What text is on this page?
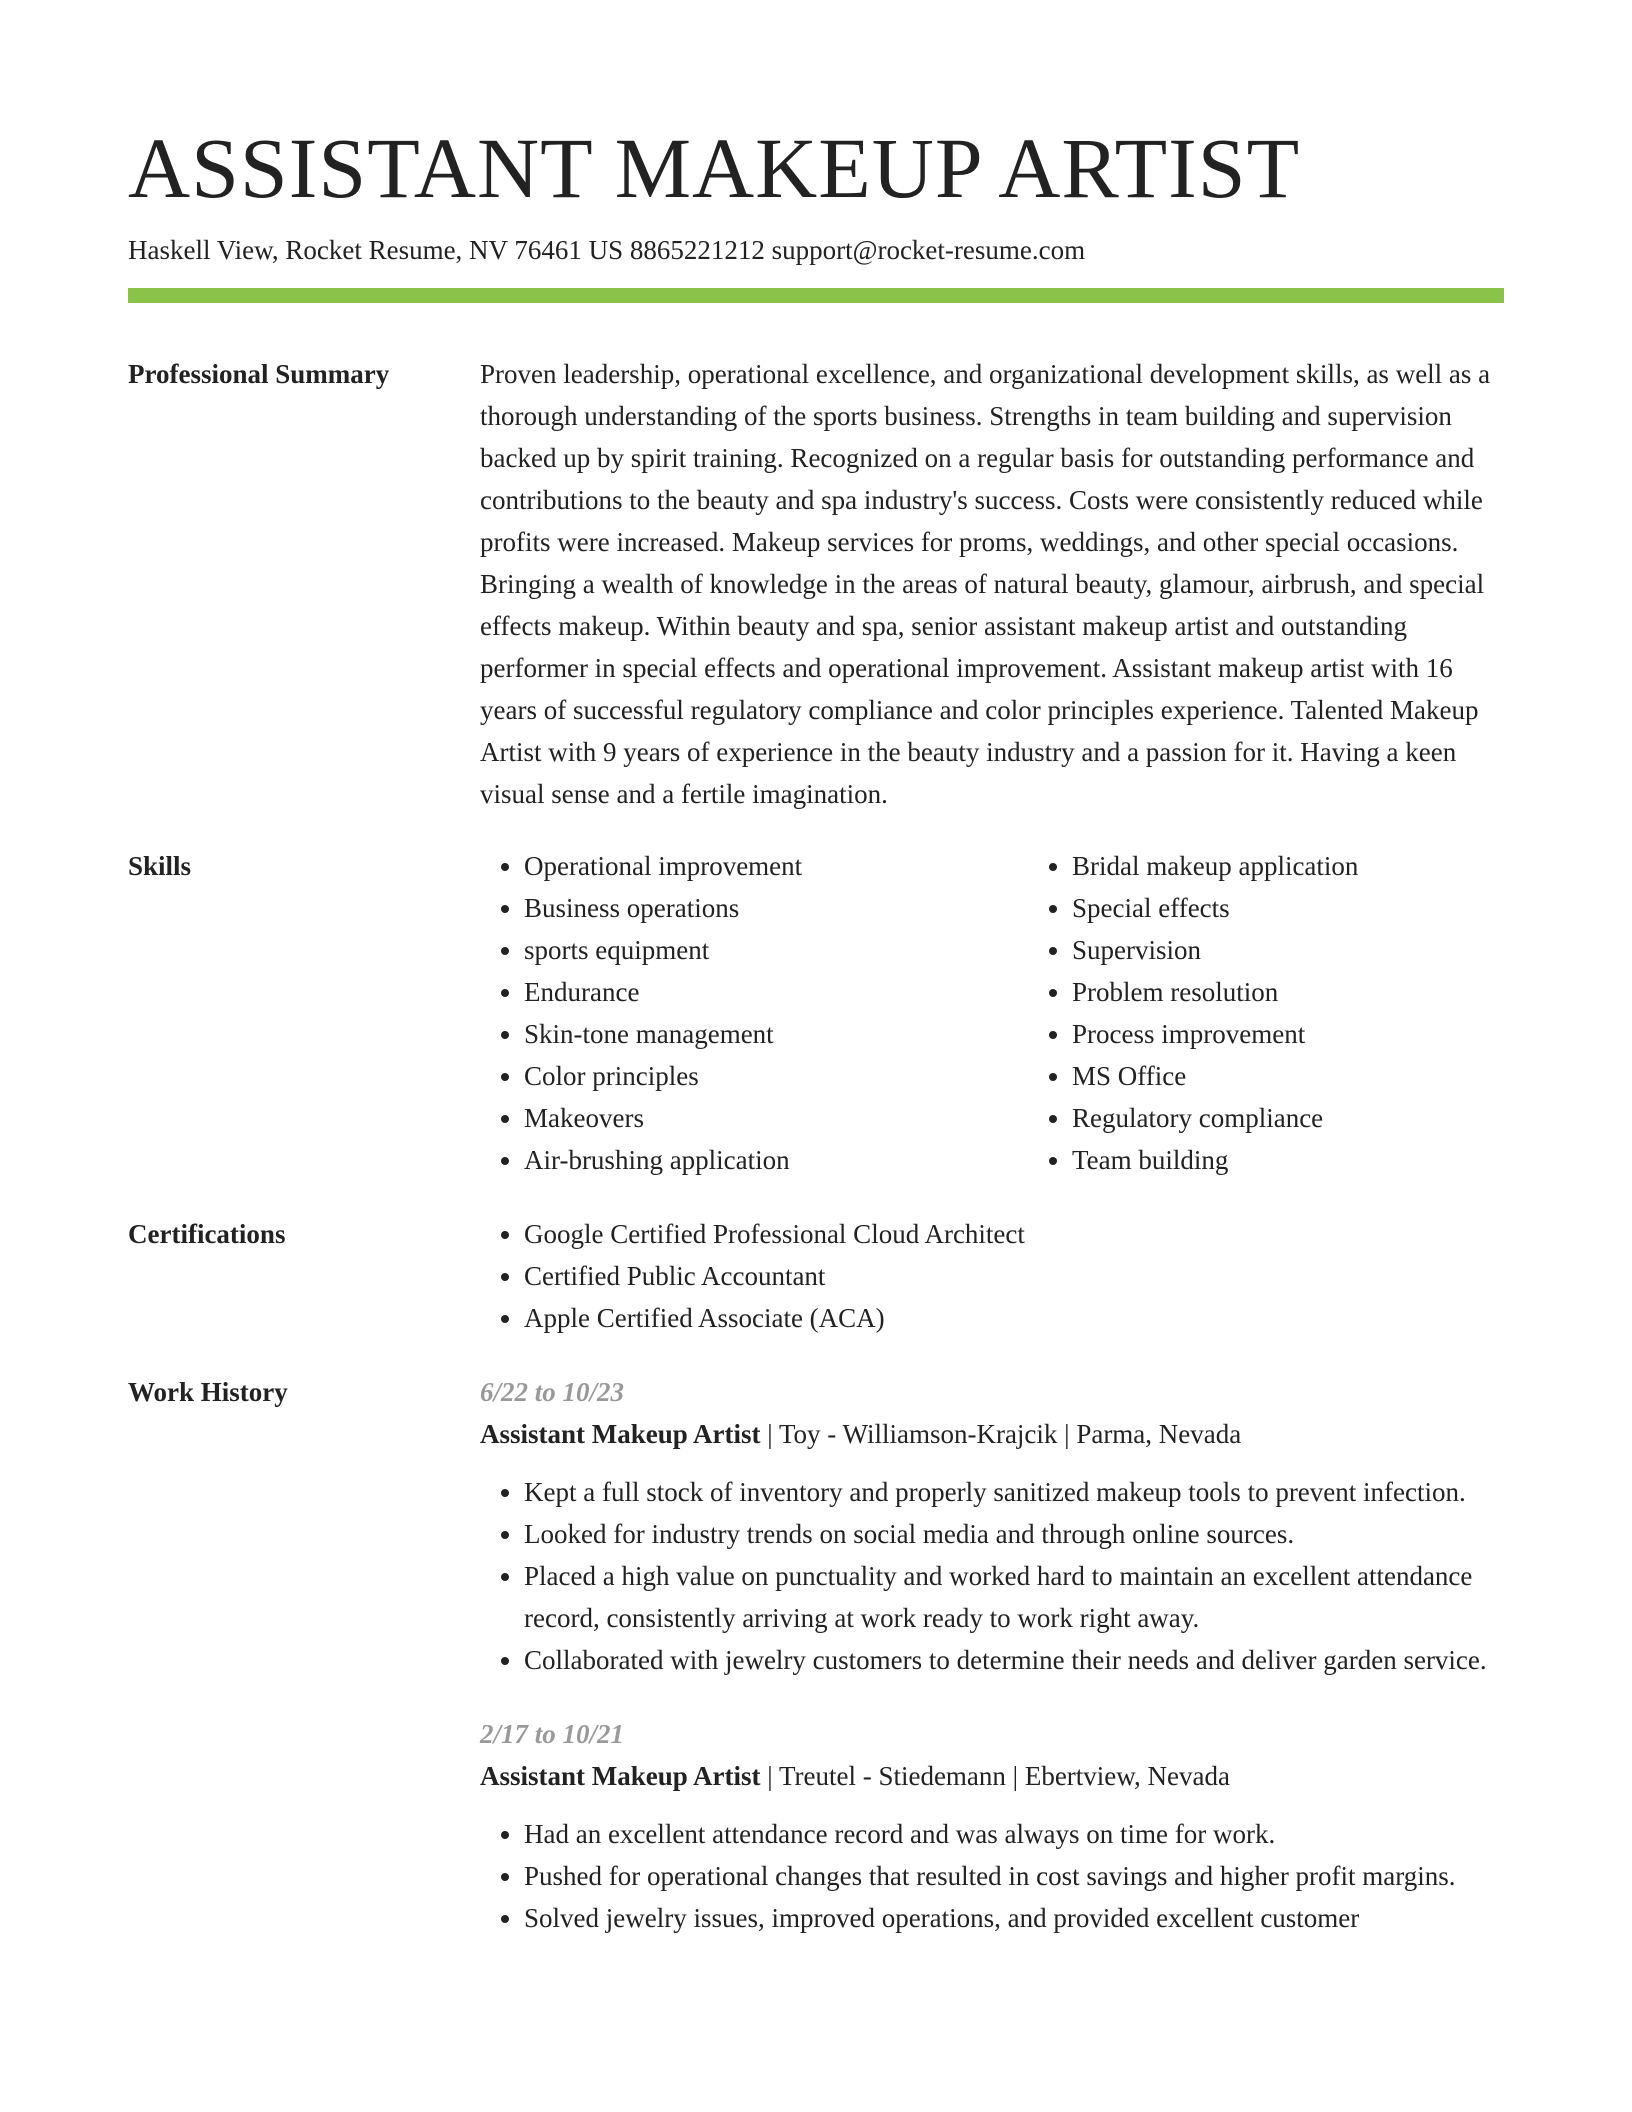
ASSISTANT MAKEUP ARTIST
Haskell View, Rocket Resume, NV 76461 US 8865221212 support@rocket-resume.com
Professional Summary	Proven leadership, operational excellence, and organizational development skills, as well as a thorough understanding of the sports business. Strengths in team building and supervision backed up by spirit training. Recognized on a regular basis for outstanding performance and contributions to the beauty and spa industry's success. Costs were consistently reduced while profits were increased. Makeup services for proms, weddings, and other special occasions. Bringing a wealth of knowledge in the areas of natural beauty, glamour, airbrush, and special effects makeup. Within beauty and spa, senior assistant makeup artist and outstanding performer in special effects and operational improvement. Assistant makeup artist with 16 years of successful regulatory compliance and color principles experience. Talented Makeup Artist with 9 years of experience in the beauty industry and a passion for it. Having a keen visual sense and a fertile imagination.
Skills	• Operational improvement
• Business operations
• sports equipment
• Endurance
• Skin-tone management
• Color principles
• Makeovers
• Air-brushing application
• Bridal makeup application
• Special effects
• Supervision
• Problem resolution
• Process improvement
• MS Office
• Regulatory compliance
• Team building
Certifications	• Google Certified Professional Cloud Architect
• Certified Public Accountant
• Apple Certified Associate (ACA)
Work History	6/22 to 10/23
Assistant Makeup Artist | Toy - Williamson-Krajcik | Parma, Nevada
• Kept a full stock of inventory and properly sanitized makeup tools to prevent infection.
• Looked for industry trends on social media and through online sources.
• Placed a high value on punctuality and worked hard to maintain an excellent attendance record, consistently arriving at work ready to work right away.
• Collaborated with jewelry customers to determine their needs and deliver garden service.
2/17 to 10/21
Assistant Makeup Artist | Treutel - Stiedemann | Ebertview, Nevada
• Had an excellent attendance record and was always on time for work.
• Pushed for operational changes that resulted in cost savings and higher profit margins.
• Solved jewelry issues, improved operations, and provided excellent customer
